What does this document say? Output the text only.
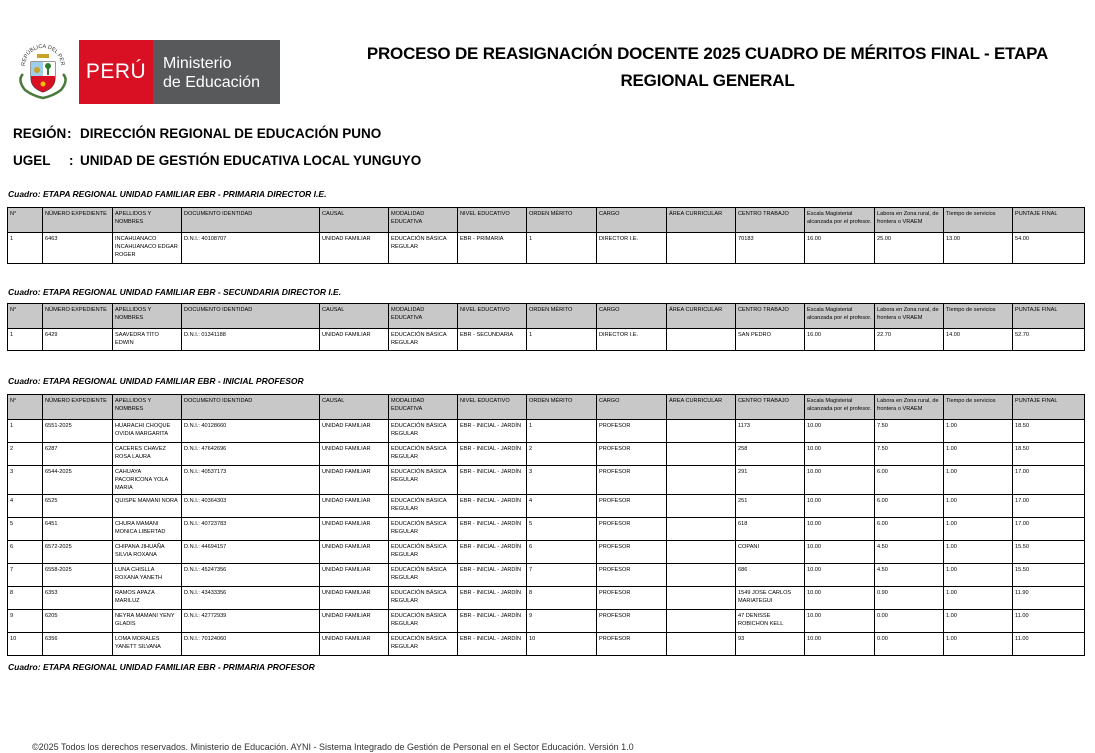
REPÚBLICA DEL PER PERÚ	Ministerio
de Educación
PROCESO DE REASIGNACIÓN DOCENTE 2025 CUADRO DE MÉRITOS FINAL - ETAPA
REGIONAL GENERAL
REGIÓN : DIRECCIÓN REGIONAL DE EDUCACIÓN PUNO
UGEL : UNIDAD DE GESTIÓN EDUCATIVA LOCAL YUNGUYO
Cuadro: ETAPA REGIONAL UNIDAD FAMILIAR EBR - PRIMARIA DIRECTOR I.E.
N°	NÚMERO EXPEDIENTE	APELLIDOS Y NOMBRES	DOCUMENTO IDENTIDAD	CAUSAL	MODALIDAD EDUCATIVA	NIVEL EDUCATIVO	ORDEN MÉRITO	CARGO	ÁREA CURRICULAR	CENTRO TRABAJO	Escala Magisterial alcanzada por el profesor.	Labora en Zona rural, de frontera o VRAEM	Tiempo de servicios	PUNTAJE FINAL
1	6463	INCAHUANACO INCAHUANACO EDGAR ROGER	D.N.I.: 40108707	UNIDAD FAMILIAR	EDUCACIÓN BÁSICA REGULAR	EBR - PRIMARIA	1	DIRECTOR I.E.		70183	16.00	25.00	13.00	54.00
Cuadro: ETAPA REGIONAL UNIDAD FAMILIAR EBR - SECUNDARIA DIRECTOR I.E.
N°	NÚMERO EXPEDIENTE	APELLIDOS Y NOMBRES	DOCUMENTO IDENTIDAD	CAUSAL	MODALIDAD EDUCATIVA	NIVEL EDUCATIVO	ORDEN MÉRITO	CARGO	ÁREA CURRICULAR	CENTRO TRABAJO	Escala Magisterial alcanzada por el profesor.	Labora en Zona rural, de frontera o VRAEM	Tiempo de servicios	PUNTAJE FINAL
1	6429	SAAVEDRA TITO EDWIN	D.N.I.: 01341188	UNIDAD FAMILIAR	EDUCACIÓN BÁSICA REGULAR	EBR - SECUNDARIA	1	DIRECTOR I.E.		SAN PEDRO	16.00	22.70	14.00	52.70
Cuadro: ETAPA REGIONAL UNIDAD FAMILIAR EBR - INICIAL PROFESOR
N°	NÚMERO EXPEDIENTE	APELLIDOS Y NOMBRES	DOCUMENTO IDENTIDAD	CAUSAL	MODALIDAD EDUCATIVA	NIVEL EDUCATIVO	ORDEN MÉRITO	CARGO	ÁREA CURRICULAR	CENTRO TRABAJO	Escala Magisterial alcanzada por el profesor.	Labora en Zona rural, de frontera o VRAEM	Tiempo de servicios	PUNTAJE FINAL
1	6551-2025	HUARACHI CHOQUE OVIDIA MARGARITA	D.N.I.: 40128660	UNIDAD FAMILIAR	EDUCACIÓN BÁSICA REGULAR	EBR - INICIAL - JARDÍN	1	PROFESOR		1173	10.00	7.50	1.00	18.50
2	6287	CACERES CHAVEZ ROSA LAURA	D.N.I.: 47642696	UNIDAD FAMILIAR	EDUCACIÓN BÁSICA REGULAR	EBR - INICIAL - JARDÍN	2	PROFESOR		258	10.00	7.50	1.00	18.50
3	6544-2025	CAHUAYA PACORICONA YOLA MARIA	D.N.I.: 40537173	UNIDAD FAMILIAR	EDUCACIÓN BÁSICA REGULAR	EBR - INICIAL - JARDÍN	3	PROFESOR		291	10.00	6.00	1.00	17.00
4	6525	QUISPE MAMANI NORA	D.N.I.: 40364303	UNIDAD FAMILIAR	EDUCACIÓN BÁSICA REGULAR	EBR - INICIAL - JARDÍN	4	PROFESOR		251	10.00	6.00	1.00	17.00
5	6451	CHURA MAMANI MONICA LIBERTAD	D.N.I.: 40723783	UNIDAD FAMILIAR	EDUCACIÓN BÁSICA REGULAR	EBR - INICIAL - JARDÍN	5	PROFESOR		618	10.00	6.00	1.00	17.00
6	6572-2025	CHIPANA JIHUAÑA SILVIA ROXANA	D.N.I.: 44694157	UNIDAD FAMILIAR	EDUCACIÓN BÁSICA REGULAR	EBR - INICIAL - JARDÍN	6	PROFESOR		COPANI	10.00	4.50	1.00	15.50
7	6558-2025	LUNA CHISLLA ROXANA YANETH	D.N.I.: 45247356	UNIDAD FAMILIAR	EDUCACIÓN BÁSICA REGULAR	EBR - INICIAL - JARDÍN	7	PROFESOR		686	10.00	4.50	1.00	15.50
8	6353	RAMOS APAZA MARILUZ	D.N.I.: 43433356	UNIDAD FAMILIAR	EDUCACIÓN BÁSICA REGULAR	EBR - INICIAL - JARDÍN	8	PROFESOR		1549 JOSE CARLOS MARIATEGUI	10.00	0.90	1.00	11.90
9	6205	NEYRA MAMANI YENY GLADIS	D.N.I.: 42772939	UNIDAD FAMILIAR	EDUCACIÓN BÁSICA REGULAR	EBR - INICIAL - JARDÍN	9	PROFESOR		47 DENISSE ROBICHON KELL	10.00	0.00	1.00	11.00
10	6356	LOMA MORALES YANETT SILVANA	D.N.I.: 70124060	UNIDAD FAMILIAR	EDUCACIÓN BÁSICA REGULAR	EBR - INICIAL - JARDÍN	10	PROFESOR		93	10.00	0.00	1.00	11.00
Cuadro: ETAPA REGIONAL UNIDAD FAMILIAR EBR - PRIMARIA PROFESOR
©2025 Todos los derechos reservados. Ministerio de Educación. AYNI - Sistema Integrado de Gestión de Personal en el Sector Educación. Versión 1.0
